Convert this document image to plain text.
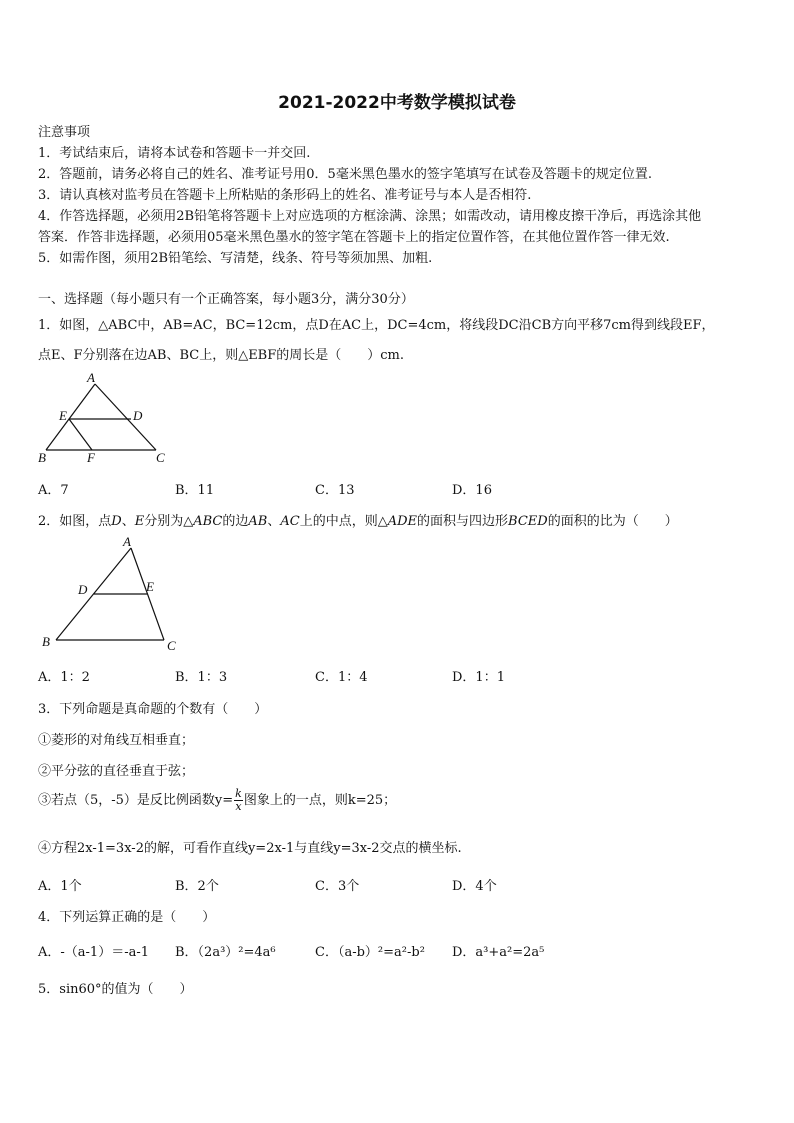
2021-2022中考数学模拟试卷
注意事项
1．考试结束后，请将本试卷和答题卡一并交回.
2．答题前，请务必将自己的姓名、准考证号用0．5毫米黑色墨水的签字笔填写在试卷及答题卡的规定位置.
3．请认真核对监考员在答题卡上所粘贴的条形码上的姓名、准考证号与本人是否相符.
4．作答选择题，必须用2B铅笔将答题卡上对应选项的方框涂满、涂黑；如需改动，请用橡皮擦干净后，再选涂其他
答案．作答非选择题，必须用05毫米黑色墨水的签字笔在答题卡上的指定位置作答，在其他位置作答一律无效.
5．如需作图，须用2B铅笔绘、写清楚，线条、符号等须加黑、加粗.
一、选择题（每小题只有一个正确答案，每小题3分，满分30分）
1．如图，△ABC中，AB=AC，BC=12cm，点D在AC上，DC=4cm，将线段DC沿CB方向平移7cm得到线段EF，
点E、F分别落在边AB、BC上，则△EBF的周长是（　　）cm.
A
E	D
B	F	C
A．7	B．11	C．13	D．16
2．如图，点D、E分别为△ABC的边AB、AC上的中点，则△ADE的面积与四边形BCED的面积的比为（　　）
A
D	E
B	C
A．1：2	B．1：3	C．1：4	D．1：1
3．下列命题是真命题的个数有（　　）
①菱形的对角线互相垂直；
②平分弦的直径垂直于弦；
③若点（5，-5）是反比例函数$y= \frac{k}{x}$ 图象上的一点，则k=25；
④方程2x-1=3x-2的解，可看作直线y=2x-1与直线y=3x-2交点的横坐标.
A．1个	B．2个	C．3个	D．4个
4．下列运算正确的是（　　）
A．-（a-1）＝-a-1 B．（2a³）²=4a⁶	C．（a-b）²=a²-b² D．a³+a²=2a⁵
5．sin60°的值为（　　）
